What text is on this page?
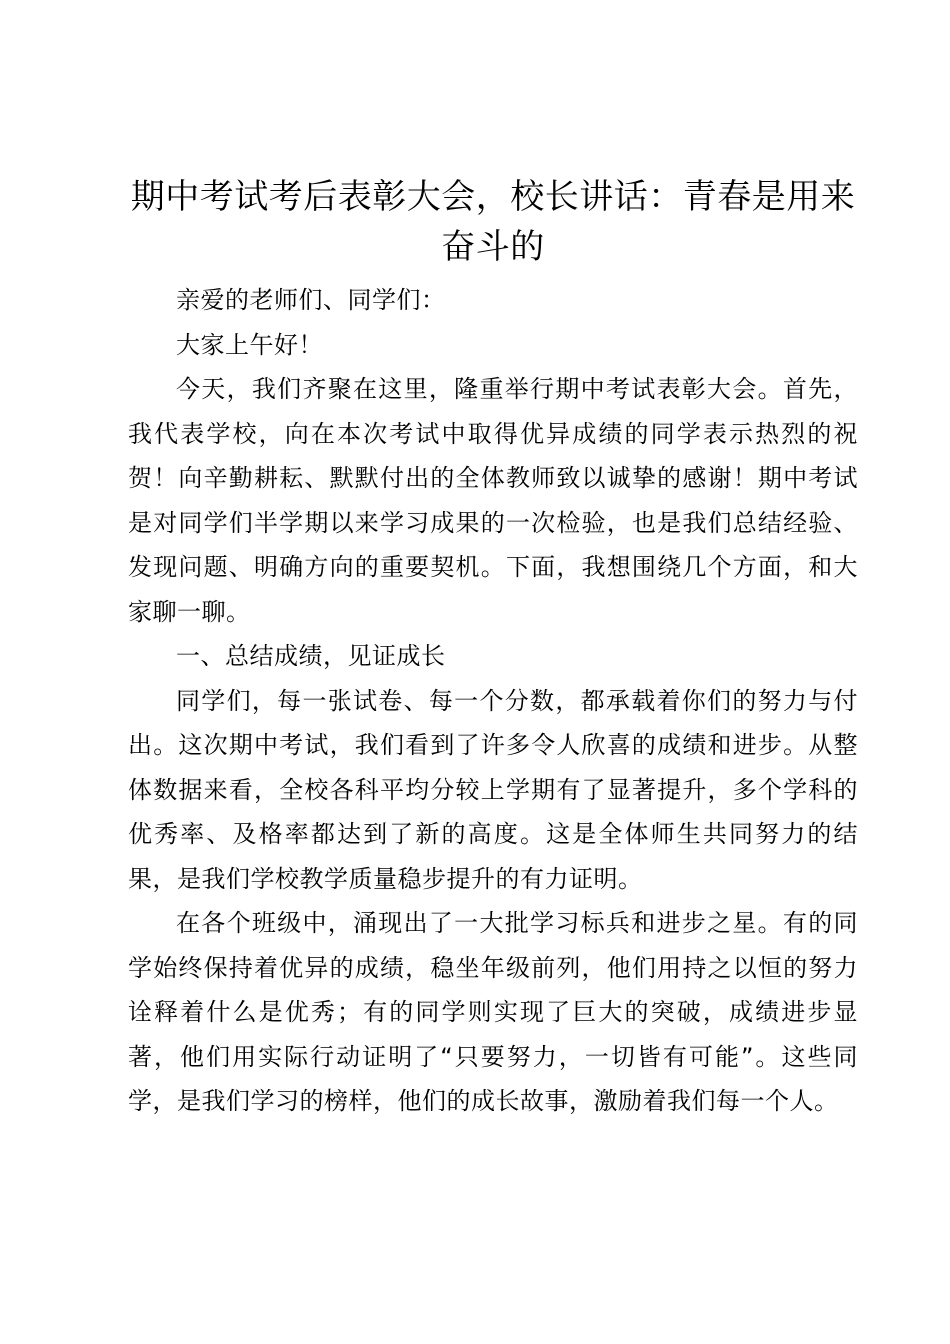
期中考试考后表彰大会，校长讲话：青春是用来奋斗的

亲爱的老师们、同学们：

大家上午好！

今天，我们齐聚在这里，隆重举行期中考试表彰大会。首先，我代表学校，向在本次考试中取得优异成绩的同学表示热烈的祝贺！向辛勤耕耘、默默付出的全体教师致以诚挚的感谢！期中考试是对同学们半学期以来学习成果的一次检验，也是我们总结经验、发现问题、明确方向的重要契机。下面，我想围绕几个方面，和大家聊一聊。

一、总结成绩，见证成长

同学们，每一张试卷、每一个分数，都承载着你们的努力与付出。这次期中考试，我们看到了许多令人欣喜的成绩和进步。从整体数据来看，全校各科平均分较上学期有了显著提升，多个学科的优秀率、及格率都达到了新的高度。这是全体师生共同努力的结果，是我们学校教学质量稳步提升的有力证明。

在各个班级中，涌现出了一大批学习标兵和进步之星。有的同学始终保持着优异的成绩，稳坐年级前列，他们用持之以恒的努力诠释着什么是优秀；有的同学则实现了巨大的突破，成绩进步显著，他们用实际行动证明了“只要努力，一切皆有可能”。这些同学，是我们学习的榜样，他们的成长故事，激励着我们每一个人。
